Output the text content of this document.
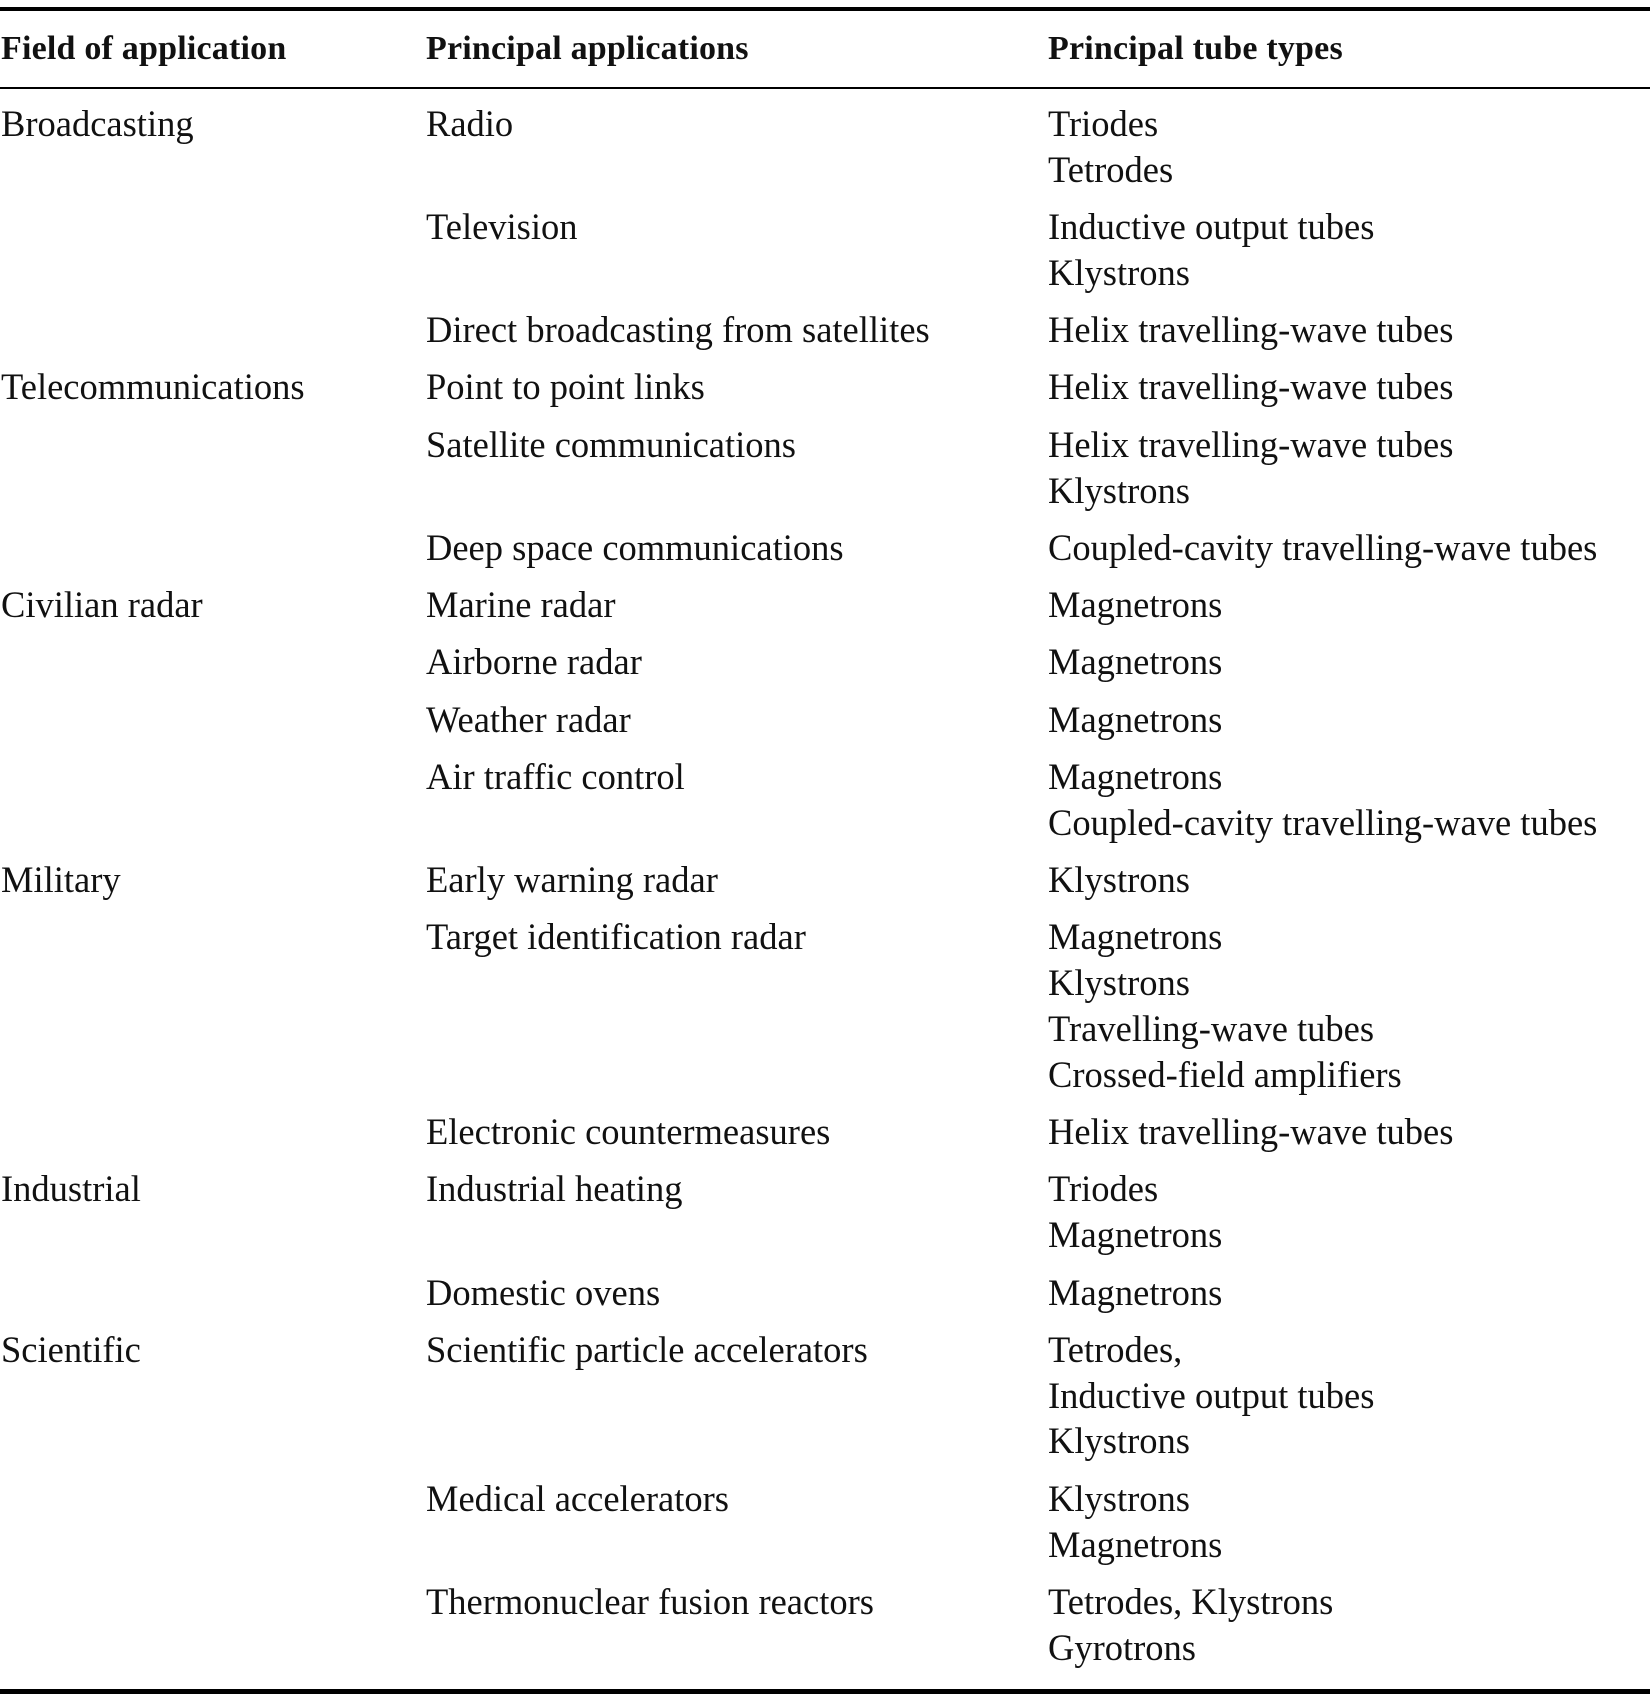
Field of application	Principal applications	Principal tube types
Broadcasting	Radio	Triodes
Tetrodes
Television	Inductive output tubes
Klystrons
Direct broadcasting from satellites	Helix travelling-wave tubes
Telecommunications	Point to point links	Helix travelling-wave tubes
Satellite communications	Helix travelling-wave tubes
Klystrons
Deep space communications	Coupled-cavity travelling-wave tubes
Civilian radar	Marine radar	Magnetrons
Airborne radar	Magnetrons
Weather radar	Magnetrons
Air traffic control	Magnetrons
Coupled-cavity travelling-wave tubes
Military	Early warning radar	Klystrons
Target identification radar	Magnetrons
Klystrons
Travelling-wave tubes
Crossed-field amplifiers
Electronic countermeasures	Helix travelling-wave tubes
Industrial	Industrial heating	Triodes
Magnetrons
Domestic ovens	Magnetrons
Scientific	Scientific particle accelerators	Tetrodes,
Inductive output tubes
Klystrons
Medical accelerators	Klystrons
Magnetrons
Thermonuclear fusion reactors	Tetrodes, Klystrons
Gyrotrons
